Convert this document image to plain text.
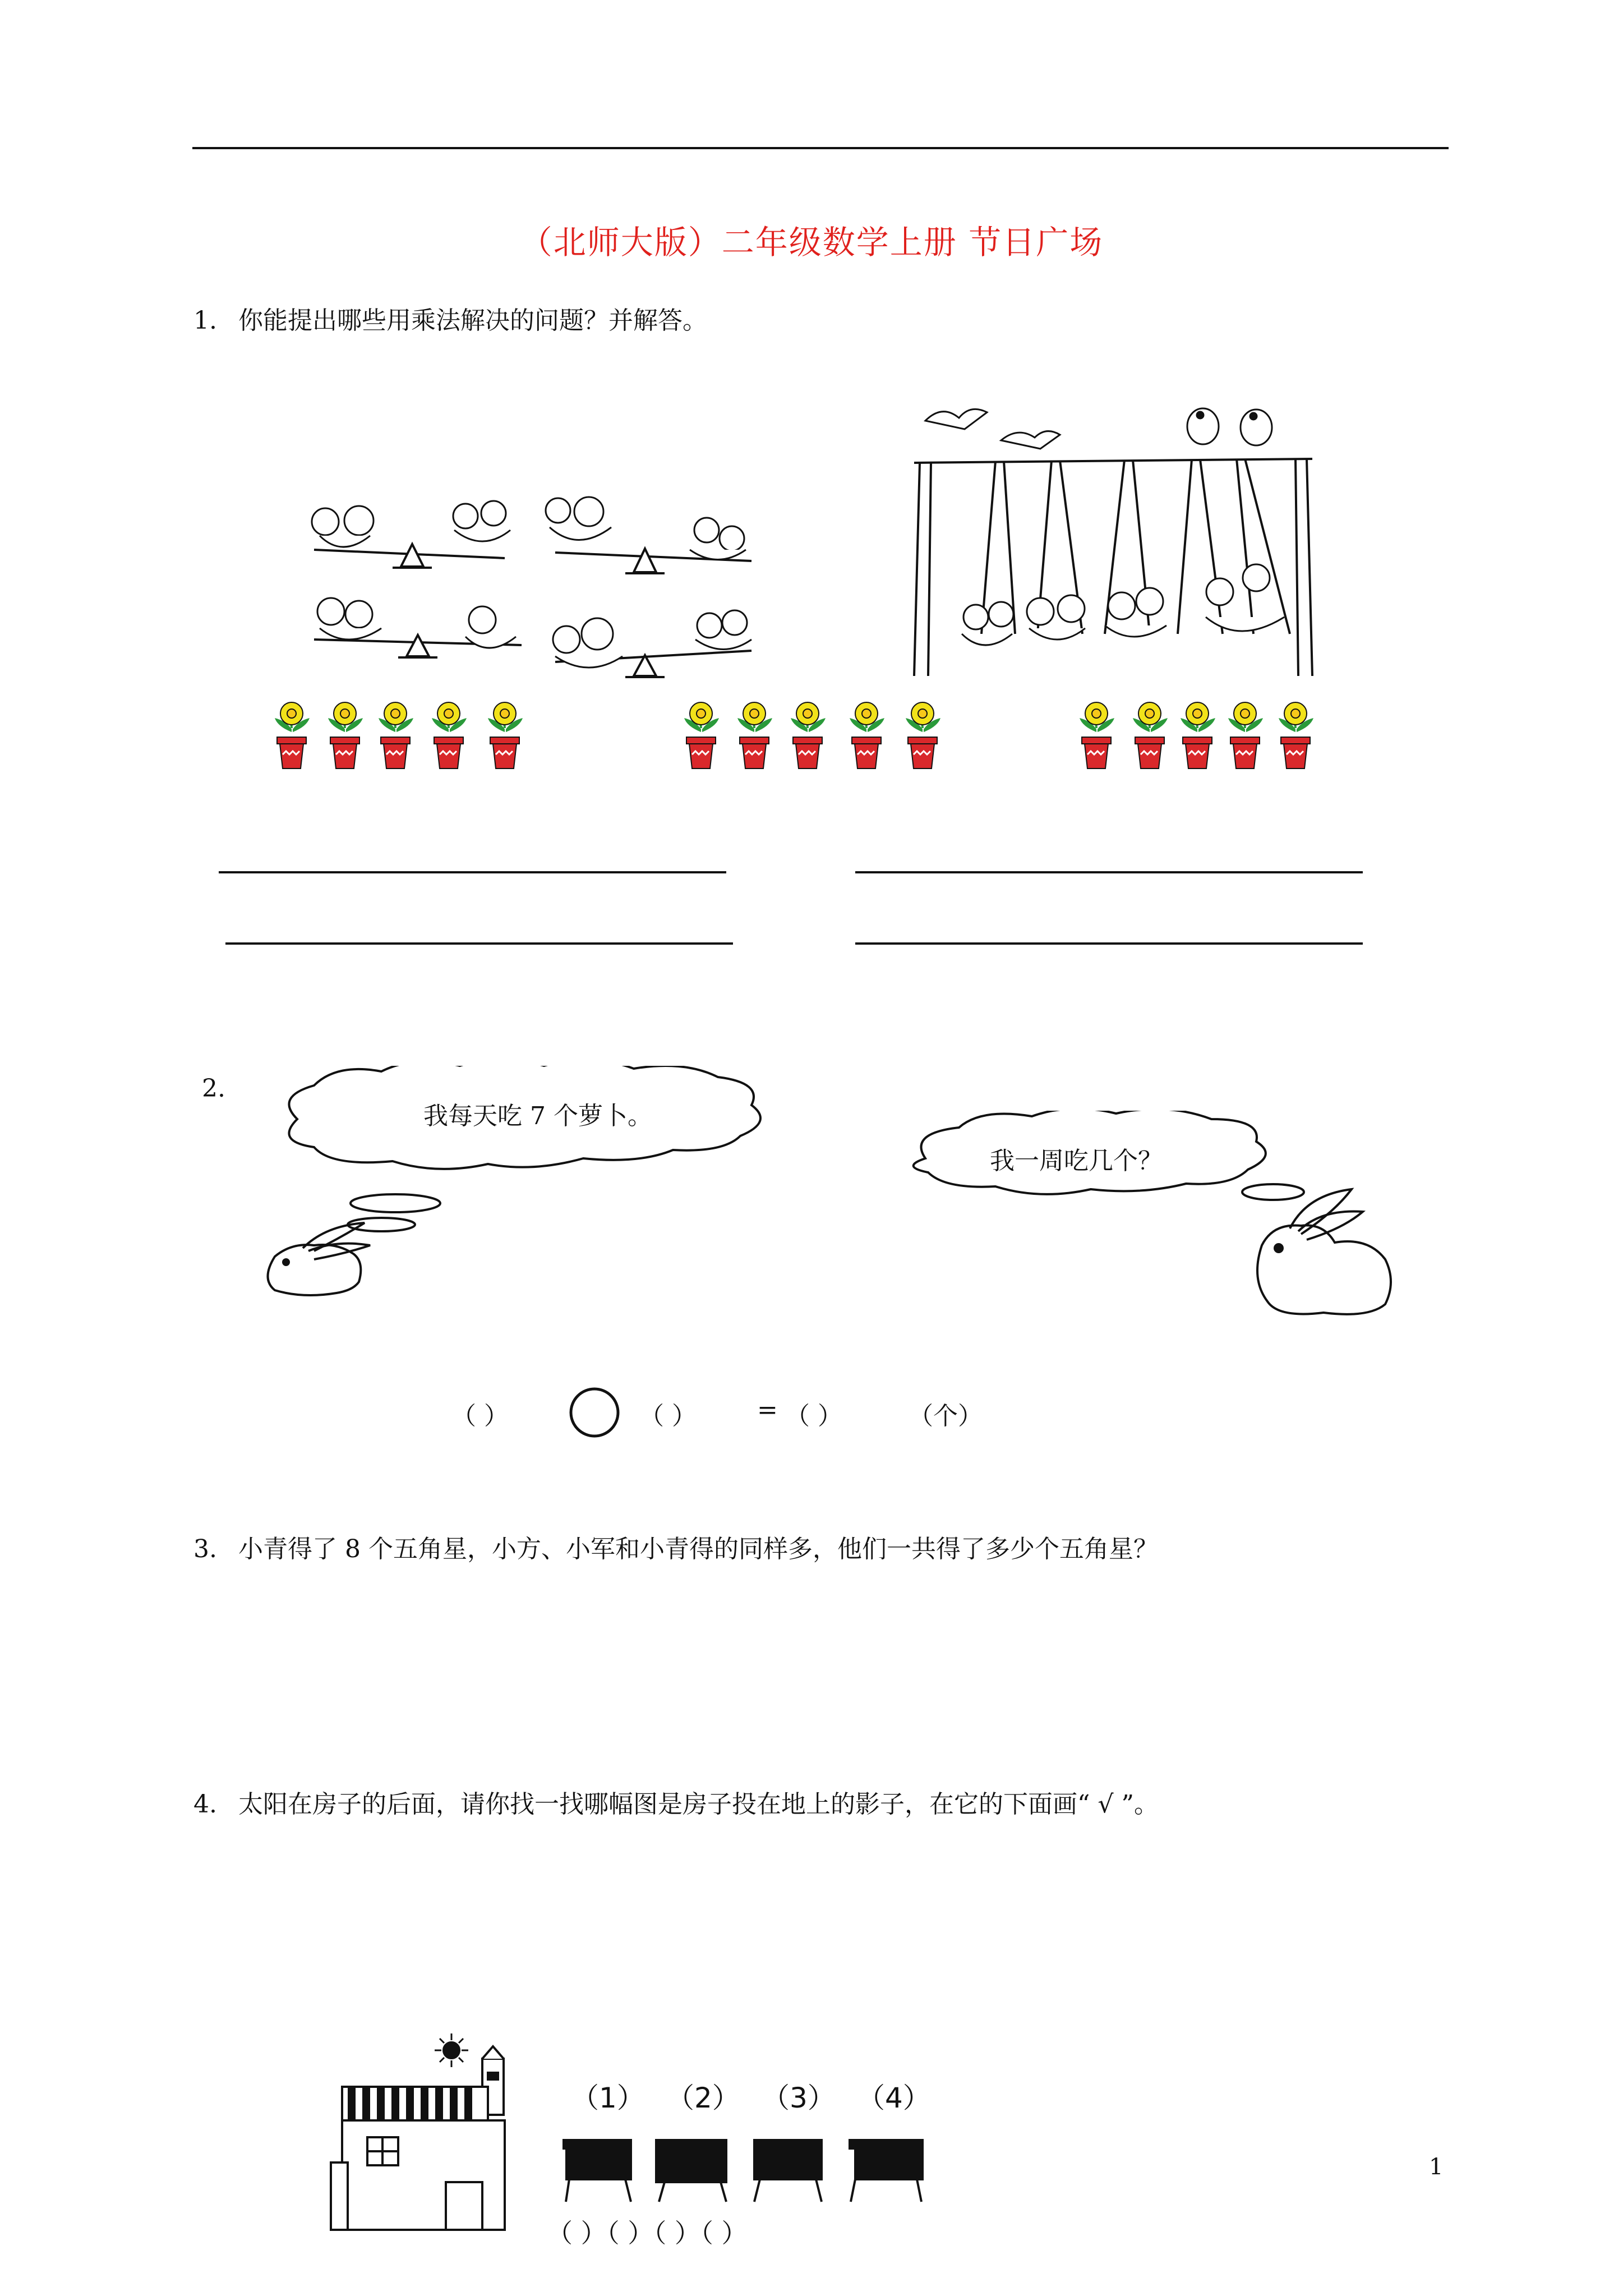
（北师大版）二年级数学上册 节日广场
1. 你能提出哪些用乘法解决的问题？并解答。
2.
我每天吃 7 个萝卜。
我一周吃几个？
（ ）	（ ） = （ ）	（个）
3. 小青得了 8 个五角星，小方、小军和小青得的同样多，他们一共得了多少个五角星？
4. 太阳在房子的后面，请你找一找哪幅图是房子投在地上的影子，在它的下面画“ √ ”。
（1） （2） （3） （4）
（ ）（ ）（ ）（ ）
1
